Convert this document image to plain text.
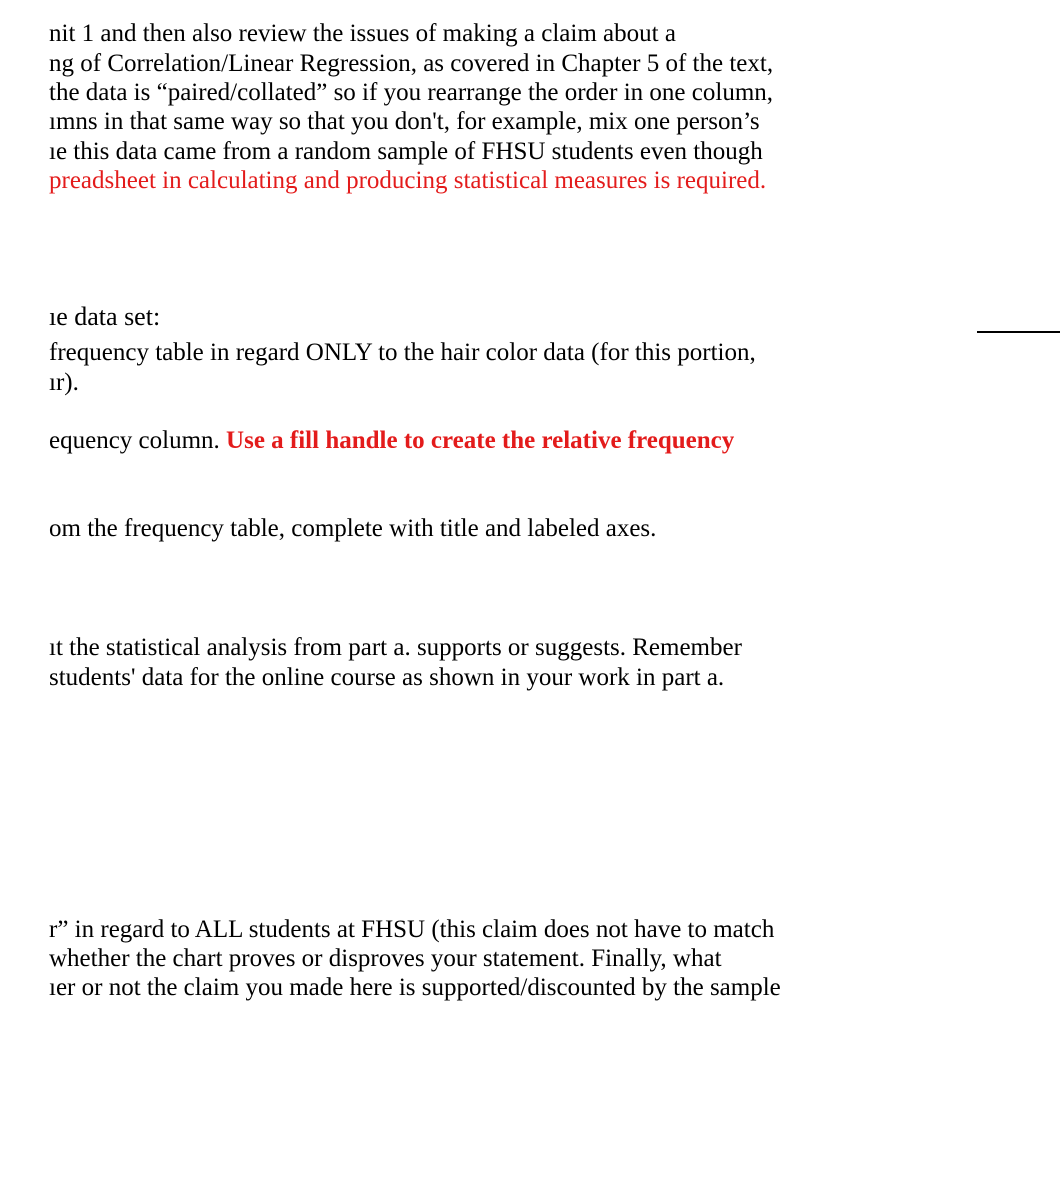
nit 1 and then also review the issues of making a claim about a
ng of Correlation/Linear Regression, as covered in Chapter 5 of the text,
the data is “paired/collated” so if you rearrange the order in one column,
ımns in that same way so that you don't, for example, mix one person’s
ıe this data came from a random sample of FHSU students even though
preadsheet in calculating and producing statistical measures is required.
ıe data set:
frequency table in regard ONLY to the hair color data (for this portion,
ır).
equency column. Use a fill handle to create the relative frequency
om the frequency table, complete with title and labeled axes.
ıt the statistical analysis from part a. supports or suggests. Remember
students' data for the online course as shown in your work in part a.
r” in regard to ALL students at FHSU (this claim does not have to match
whether the chart proves or disproves your statement. Finally, what
ıer or not the claim you made here is supported/discounted by the sample
